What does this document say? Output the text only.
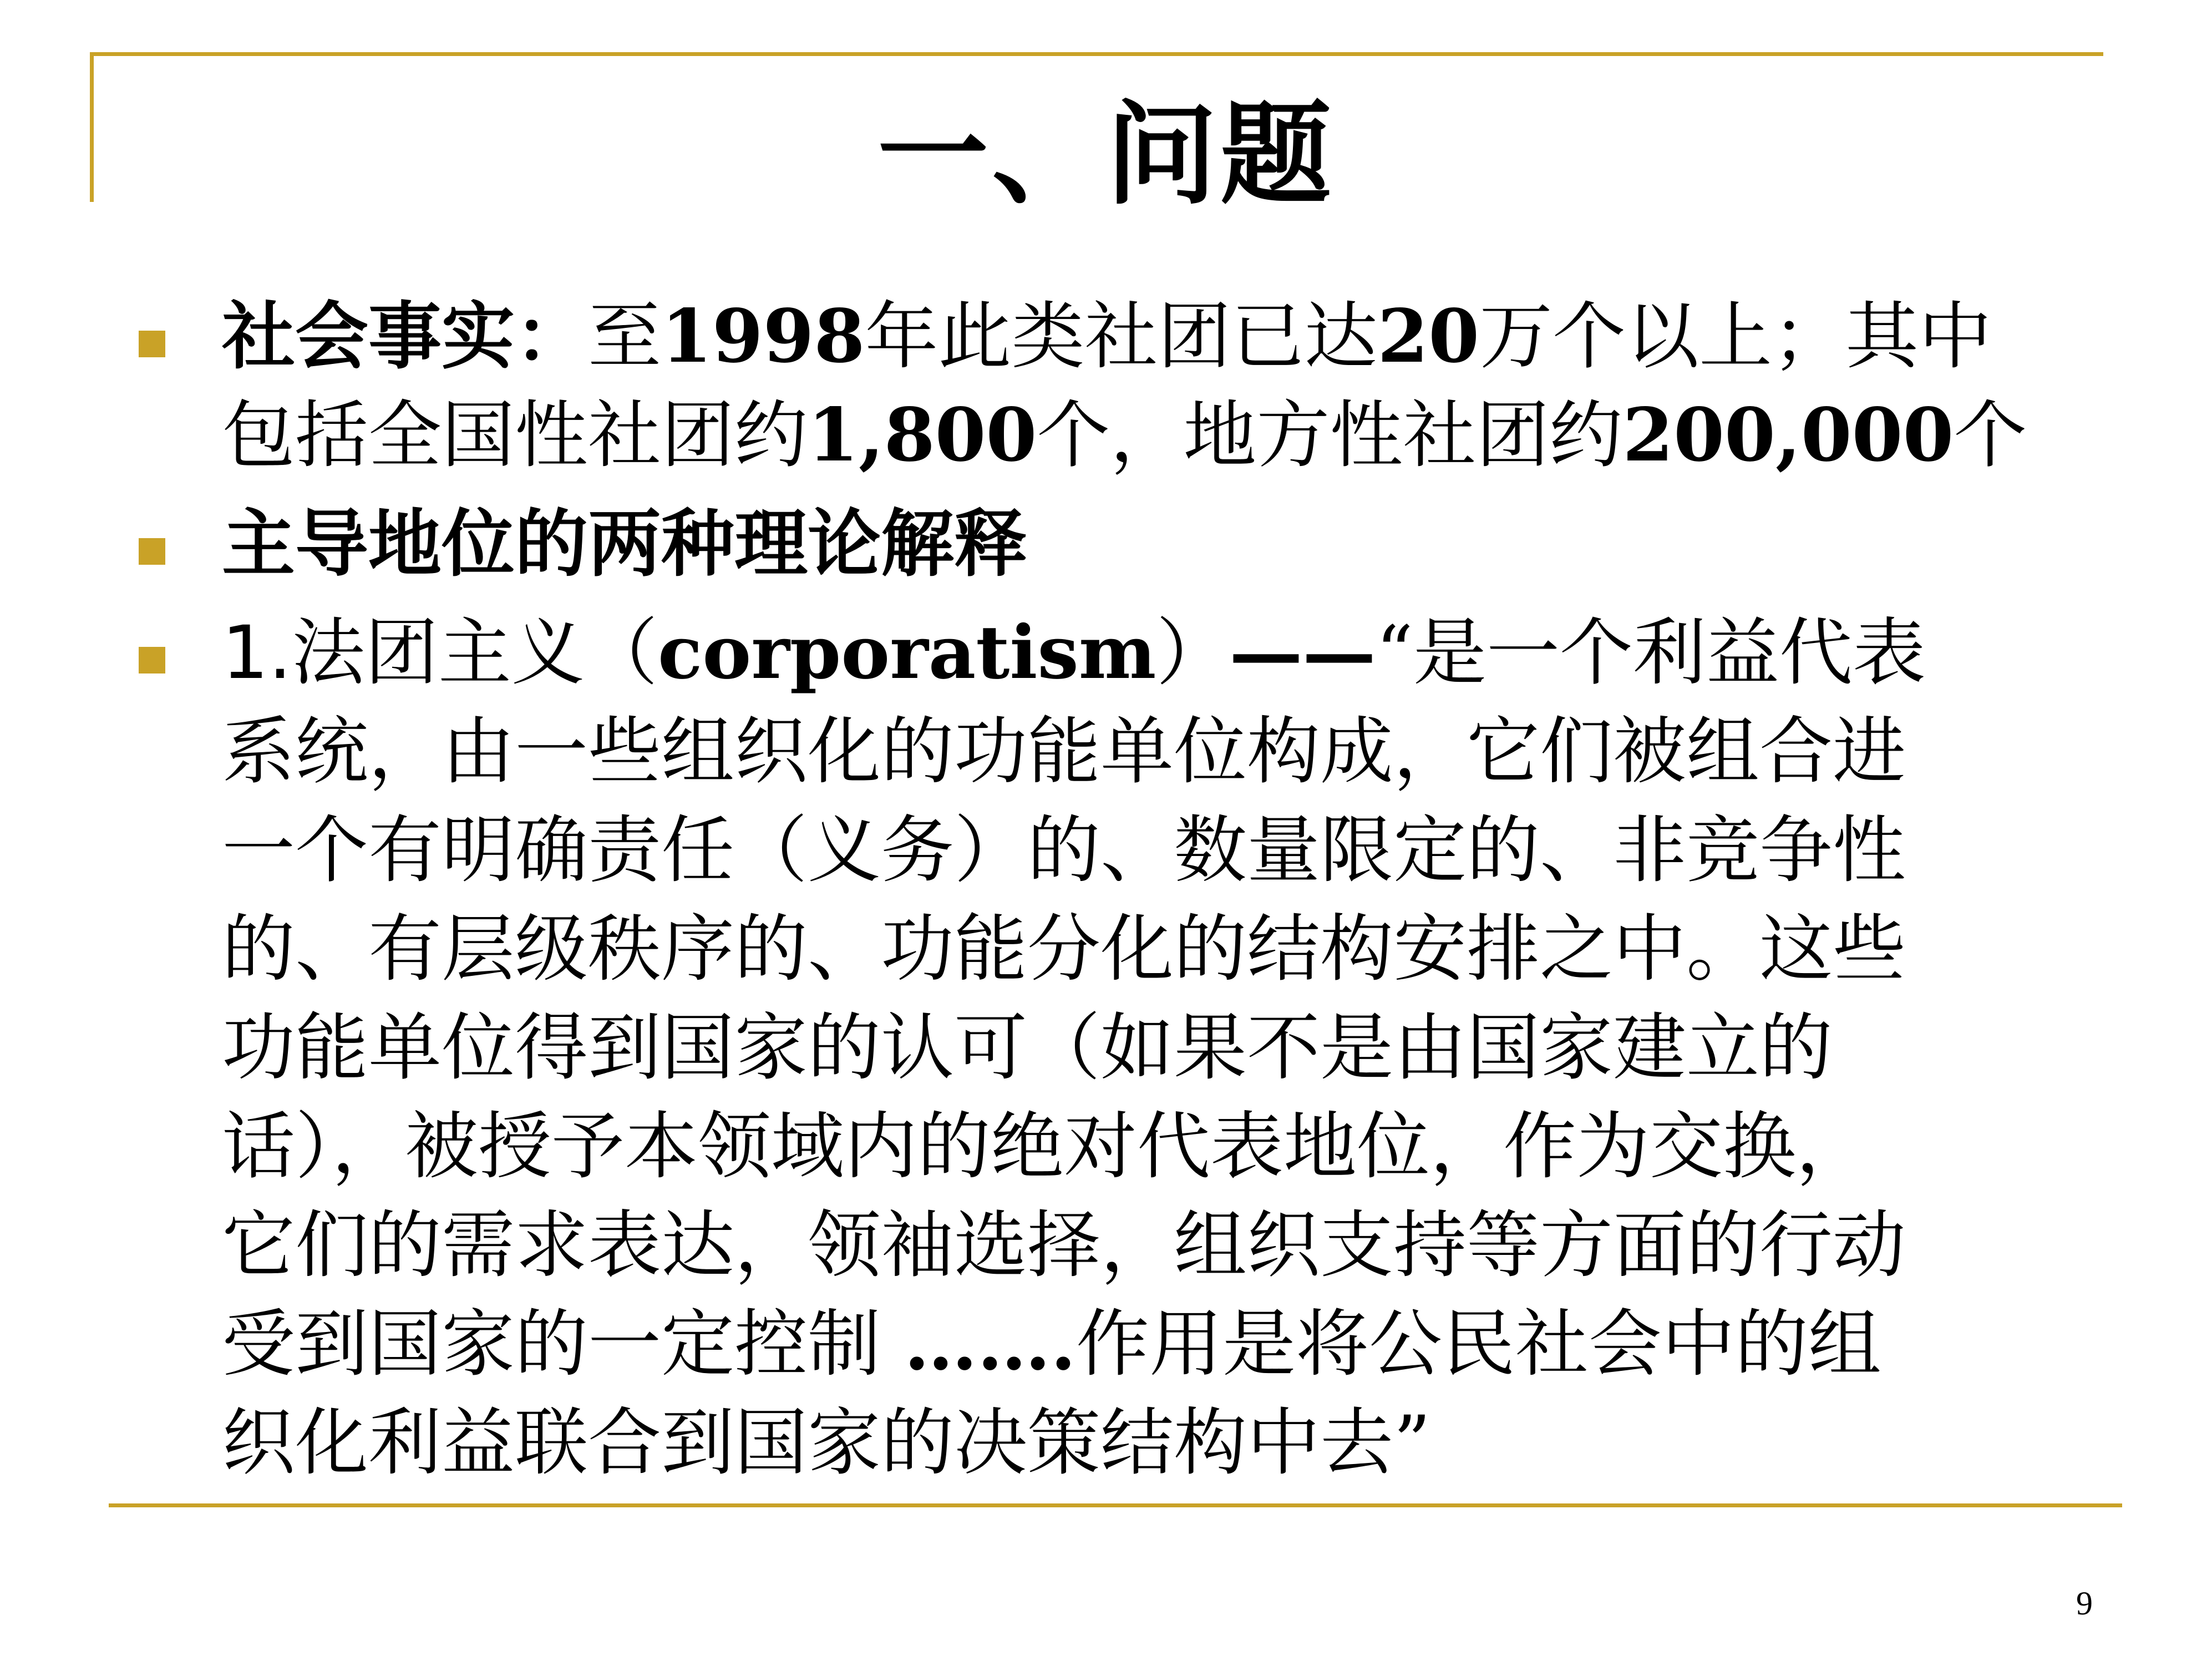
一、问题
社会事实：至1998年此类社团已达20万个以上；其中
包括全国性社团约1,800个，地方性社团约200,000个
主导地位的两种理论解释
1.法团主义（corporatism）——“是一个利益代表
系统，由一些组织化的功能单位构成，它们被组合进
一个有明确责任（义务）的、数量限定的、非竞争性
的、有层级秩序的、功能分化的结构安排之中。这些
功能单位得到国家的认可（如果不是由国家建立的
话），被授予本领域内的绝对代表地位，作为交换，
它们的需求表达，领袖选择，组织支持等方面的行动
受到国家的一定控制 …….作用是将公民社会中的组
织化利益联合到国家的决策结构中去”
9
